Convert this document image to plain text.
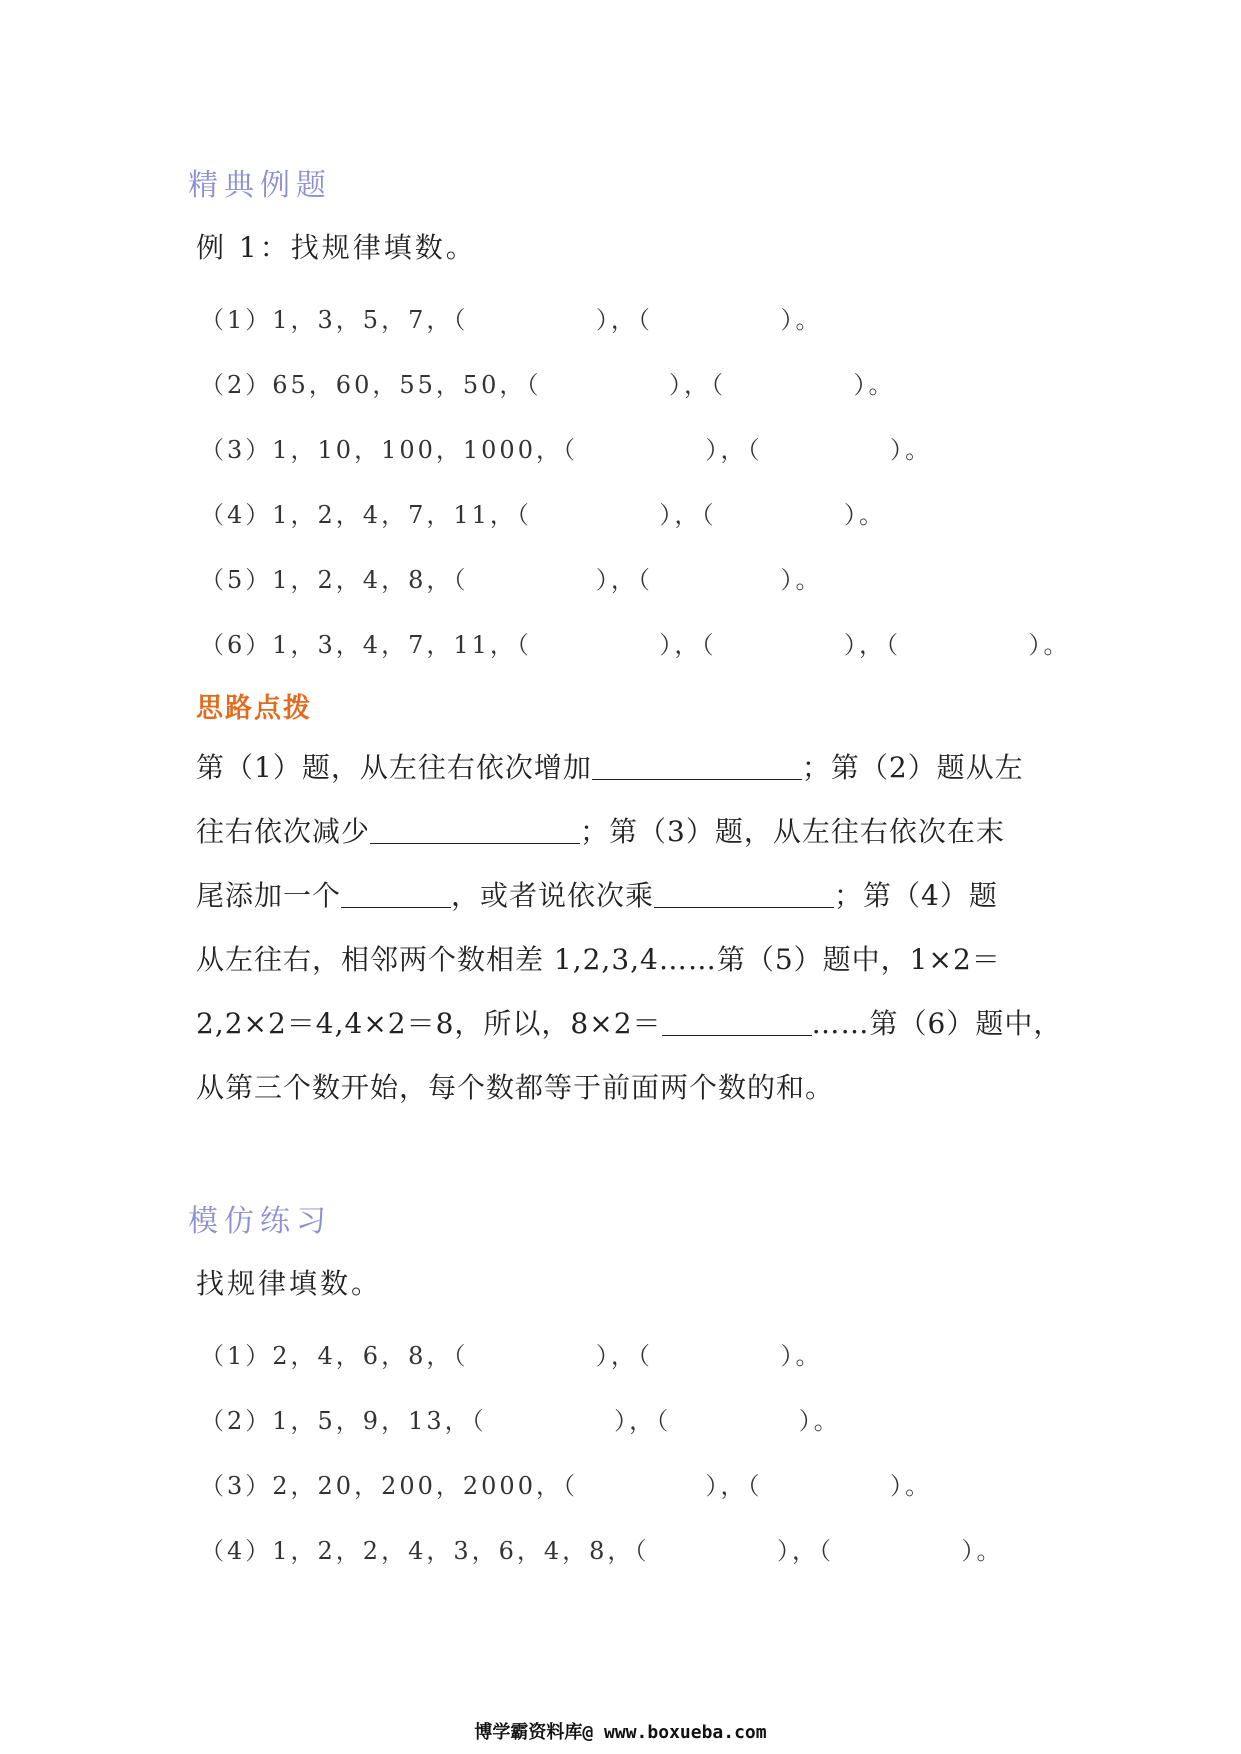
精典例题
例 1：找规律填数。
（1）1，3，5，7，（            ），（            ）。
（2）65，60，55，50，（            ），（            ）。
（3）1，10，100，1000，（            ），（            ）。
（4）1，2，4，7，11，（            ），（            ）。
（5）1，2，4，8，（            ），（            ）。
（6）1，3，4，7，11，（            ），（            ），（            ）。
思路点拨
第（1）题，从左往右依次增加	；第（2）题从左
往右依次减少	；第（3）题，从左往右依次在末
尾添加一个	，或者说依次乘	；第（4）题
从左往右，相邻两个数相差 1,2,3,4……第（5）题中，1×2＝
2,2×2＝4,4×2＝8，所以，8×2＝	……第（6）题中，
从第三个数开始，每个数都等于前面两个数的和。
模仿练习
找规律填数。
（1）2，4，6，8，（            ），（            ）。
（2）1，5，9，13，（            ），（            ）。
（3）2，20，200，2000，（            ），（            ）。
（4）1，2，2，4，3，6，4，8，（            ），（            ）。
博学霸资料库@ www.boxueba.com
